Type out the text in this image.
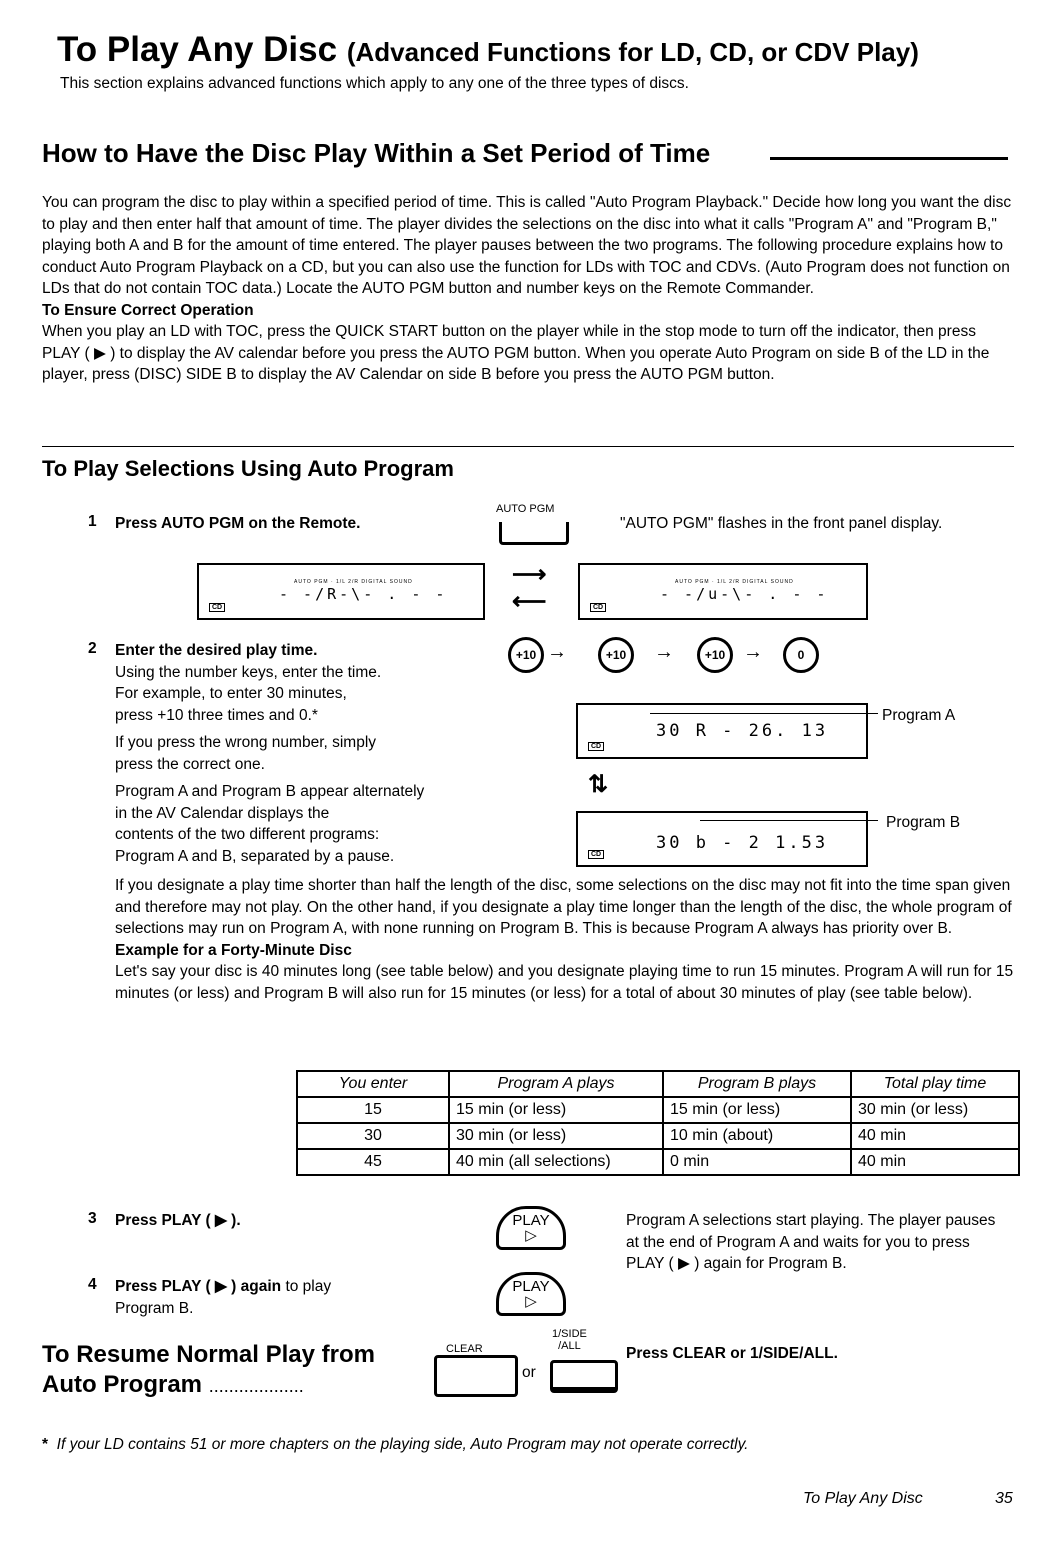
To Play Any Disc (Advanced Functions for LD, CD, or CDV Play)
This section explains advanced functions which apply to any one of the three types of discs.
How to Have the Disc Play Within a Set Period of Time
You can program the disc to play within a specified period of time. This is called "Auto Program Playback." Decide how long you want the disc to play and then enter half that amount of time. The player divides the selections on the disc into what it calls "Program A" and "Program B," playing both A and B for the amount of time entered. The player pauses between the two programs. The following procedure explains how to conduct Auto Program Playback on a CD, but you can also use the function for LDs with TOC and CDVs. (Auto Program does not function on LDs that do not contain TOC data.) Locate the AUTO PGM button and number keys on the Remote Commander.
To Ensure Correct Operation
When you play an LD with TOC, press the QUICK START button on the player while in the stop mode to turn off the indicator, then press PLAY ( ▶ ) to display the AV calendar before you press the AUTO PGM button. When you operate Auto Program on side B of the LD in the player, press (DISC) SIDE B to display the AV Calendar on side B before you press the AUTO PGM button.
To Play Selections Using Auto Program
1 Press AUTO PGM on the Remote.
AUTO PGM
"AUTO PGM" flashes in the front panel display.
- -/R-\- . - -
AUTO PGM · 1/L 2/R DIGITAL SOUND
CD
⟶
⟵	- -/u-\- . - -
AUTO PGM · 1/L 2/R DIGITAL SOUND
CD
2 Enter the desired play time.
Using the number keys, enter the time.
For example, to enter 30 minutes,
press +10 three times and 0.*
If you press the wrong number, simply
press the correct one.
Program A and Program B appear alternately
in the AV Calendar displays the
contents of the two different programs:
Program A and B, separated by a pause.
+10 →	+10	→	+10 →	0
30 R - 26. 13
CD
Program A
⇅
30 b - 2 1.53
CD
Program B
If you designate a play time shorter than half the length of the disc, some selections on the disc may not fit into the time span given and therefore may not play. On the other hand, if you designate a play time longer than the length of the disc, the whole program of selections may run on Program A, with none running on Program B. This is because Program A always has priority over B.
Example for a Forty-Minute Disc
Let's say your disc is 40 minutes long (see table below) and you designate playing time to run 15 minutes. Program A will run for 15 minutes (or less) and Program B will also run for 15 minutes (or less) for a total of about 30 minutes of play (see table below).
You enter	Program A plays	Program B plays	Total play time
15	15 min (or less)	15 min (or less)	30 min (or less)
30	30 min (or less)	10 min (about)	40 min
45	40 min (all selections)	0 min	40 min
3 Press PLAY ( ▶ ).	PLAY
▷
Program A selections start playing. The player pauses at the end of Program A and waits for you to press PLAY ( ▶ ) again for Program B.
4 Press PLAY ( ▶ ) again to play
Program B.
PLAY
▷
To Resume Normal Play from
Auto Program ...................
CLEAR
or
1/SIDE
/ALL	Press CLEAR or 1/SIDE/ALL.
* If your LD contains 51 or more chapters on the playing side, Auto Program may not operate correctly.
To Play Any Disc	35
